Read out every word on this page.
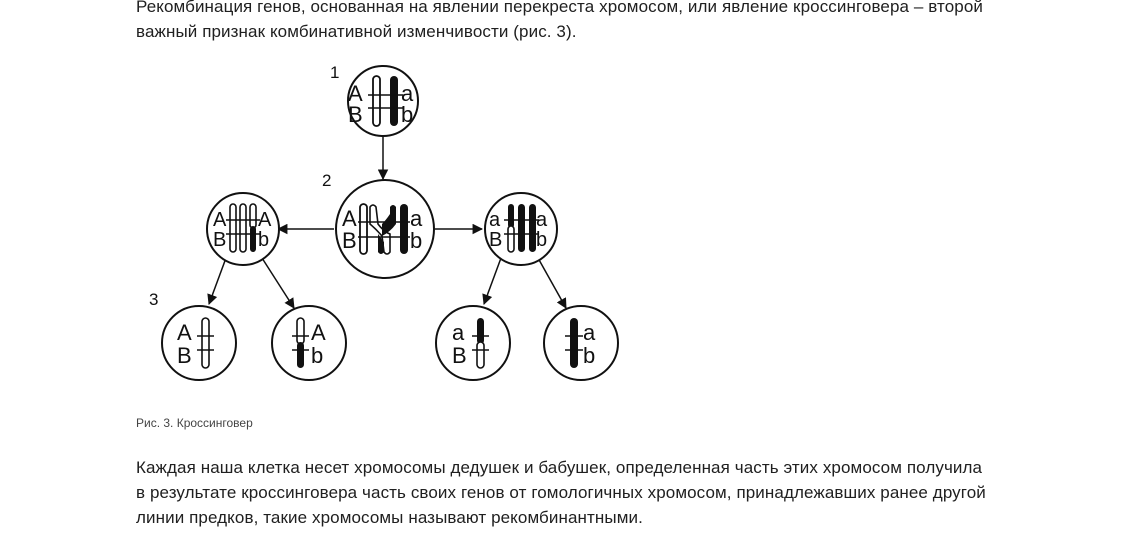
Рекомбинация генов, основанная на явлении перекреста хромосом, или явление кроссинговера – второй важный признак комбинативной изменчивости (рис. 3).

1
2
3
A
B
a
b
A
B
a
b
A
B
A
b
a
B
a
b
A
B
A
b
a
B
a
b

Рис. 3. Кроссинговер

Каждая наша клетка несет хромосомы дедушек и бабушек, определенная часть этих хромосом получила в результате кроссинговера часть своих генов от гомологичных хромосом, принадлежавших ранее другой линии предков, такие хромосомы называют рекомбинантными.
